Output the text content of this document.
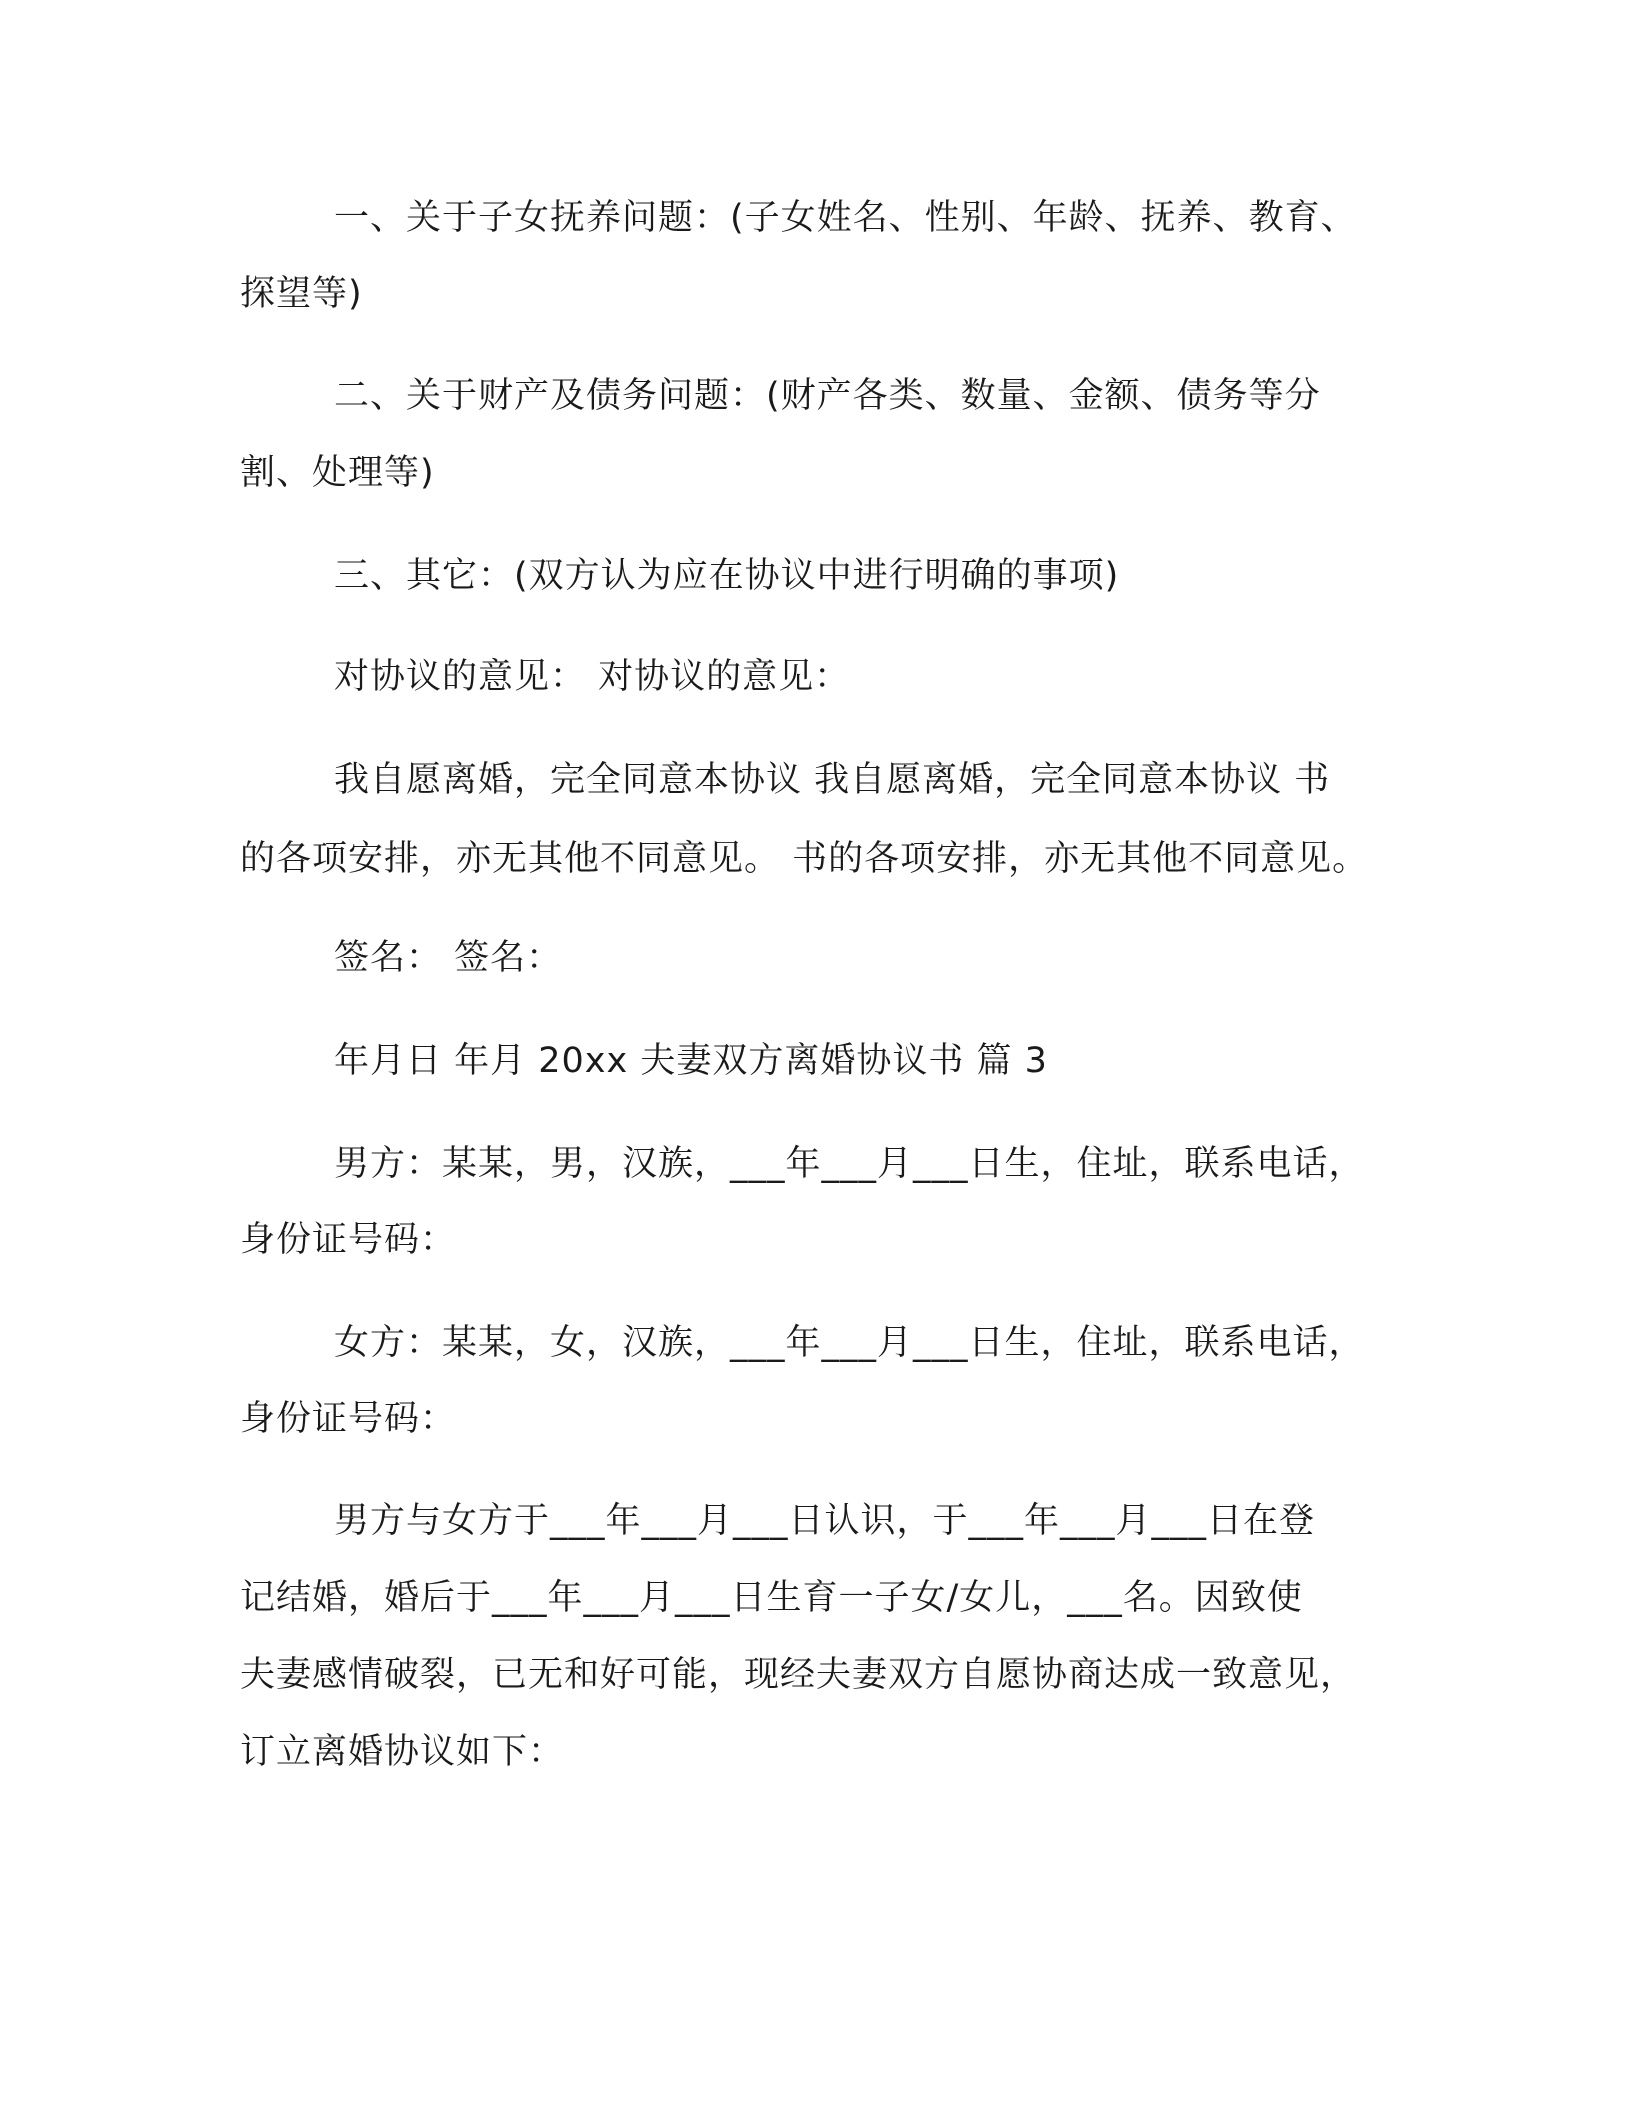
一、关于子女抚养问题：(子女姓名、性别、年龄、抚养、教育、
探望等)
二、关于财产及债务问题：(财产各类、数量、金额、债务等分
割、处理等)
三、其它：(双方认为应在协议中进行明确的事项)
对协议的意见： 对协议的意见：
我自愿离婚，完全同意本协议 我自愿离婚，完全同意本协议 书
的各项安排，亦无其他不同意见。 书的各项安排，亦无其他不同意见。
签名： 签名：
年月日 年月 20xx 夫妻双方离婚协议书 篇 3
男方：某某，男，汉族，___年___月___日生，住址，联系电话，
身份证号码：
女方：某某，女，汉族，___年___月___日生，住址，联系电话，
身份证号码：
男方与女方于___年___月___日认识，于___年___月___日在登
记结婚，婚后于___年___月___日生育一子女/女儿，___名。因致使
夫妻感情破裂，已无和好可能，现经夫妻双方自愿协商达成一致意见，
订立离婚协议如下：
